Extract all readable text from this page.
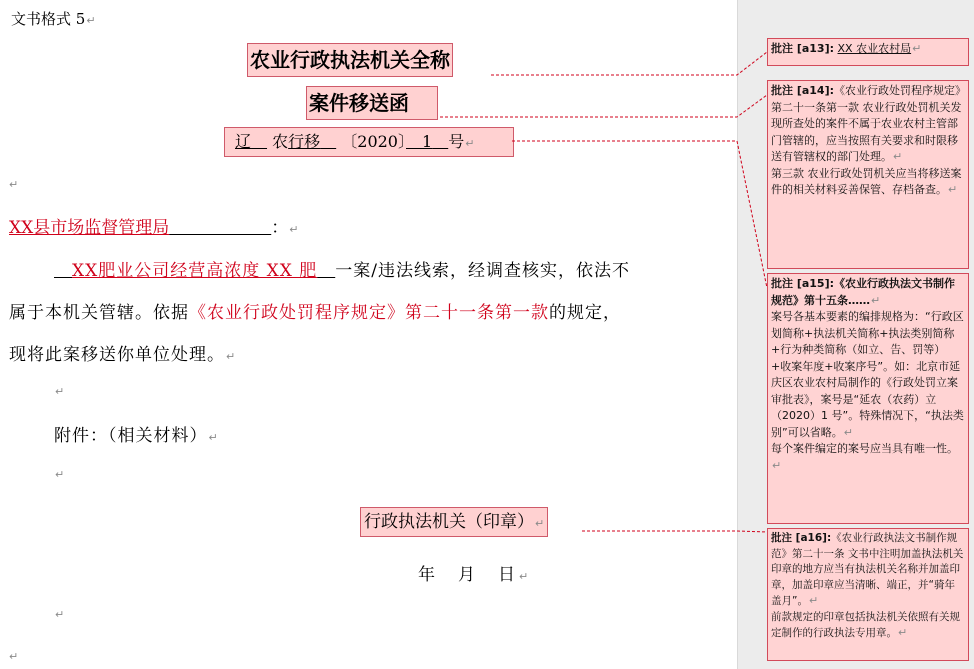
文书格式 5↵
农业行政执法机关全称
案件移送函
辽　 农行移　 〔2020〕　 1　 号↵
↵
XX县市场监督管理局　　　　　　	：↵
　XX肥业公司经营高浓度 XX 肥　 一案/违法线索，经调查核实，依法不
属于本机关管辖。依据《农业行政处罚程序规定》第二十一条第一款的规定，
现将此案移送你单位处理。↵
↵
附件：（相关材料）↵
↵
行政执法机关（印章）↵
年　月　日↵
↵
↵
批注 [a13]: XX 农业农村局↵
批注 [a14]:《农业行政处罚程序规定》第二十一条第一款 农业行政处罚机关发现所查处的案件不属于农业农村主管部门管辖的，应当按照有关要求和时限移送有管辖权的部门处理。↵
第三款 农业行政处罚机关应当将移送案件的相关材料妥善保管、存档备查。↵
批注 [a15]:《农业行政执法文书制作规范》第十五条……↵
案号各基本要素的编排规格为：“行政区划简称+执法机关简称+执法类别简称+行为种类简称（如立、告、罚等）+收案年度+收案序号”。如：北京市延庆区农业农村局制作的《行政处罚立案审批表》，案号是“延农（农药）立（2020）1 号”。特殊情况下，“执法类别”可以省略。↵
每个案件编定的案号应当具有唯一性。↵
批注 [a16]:《农业行政执法文书制作规范》第二十一条 文书中注明加盖执法机关印章的地方应当有执法机关名称并加盖印章，加盖印章应当清晰、端正，并“骑年盖月”。↵
前款规定的印章包括执法机关依照有关规定制作的行政执法专用章。↵
